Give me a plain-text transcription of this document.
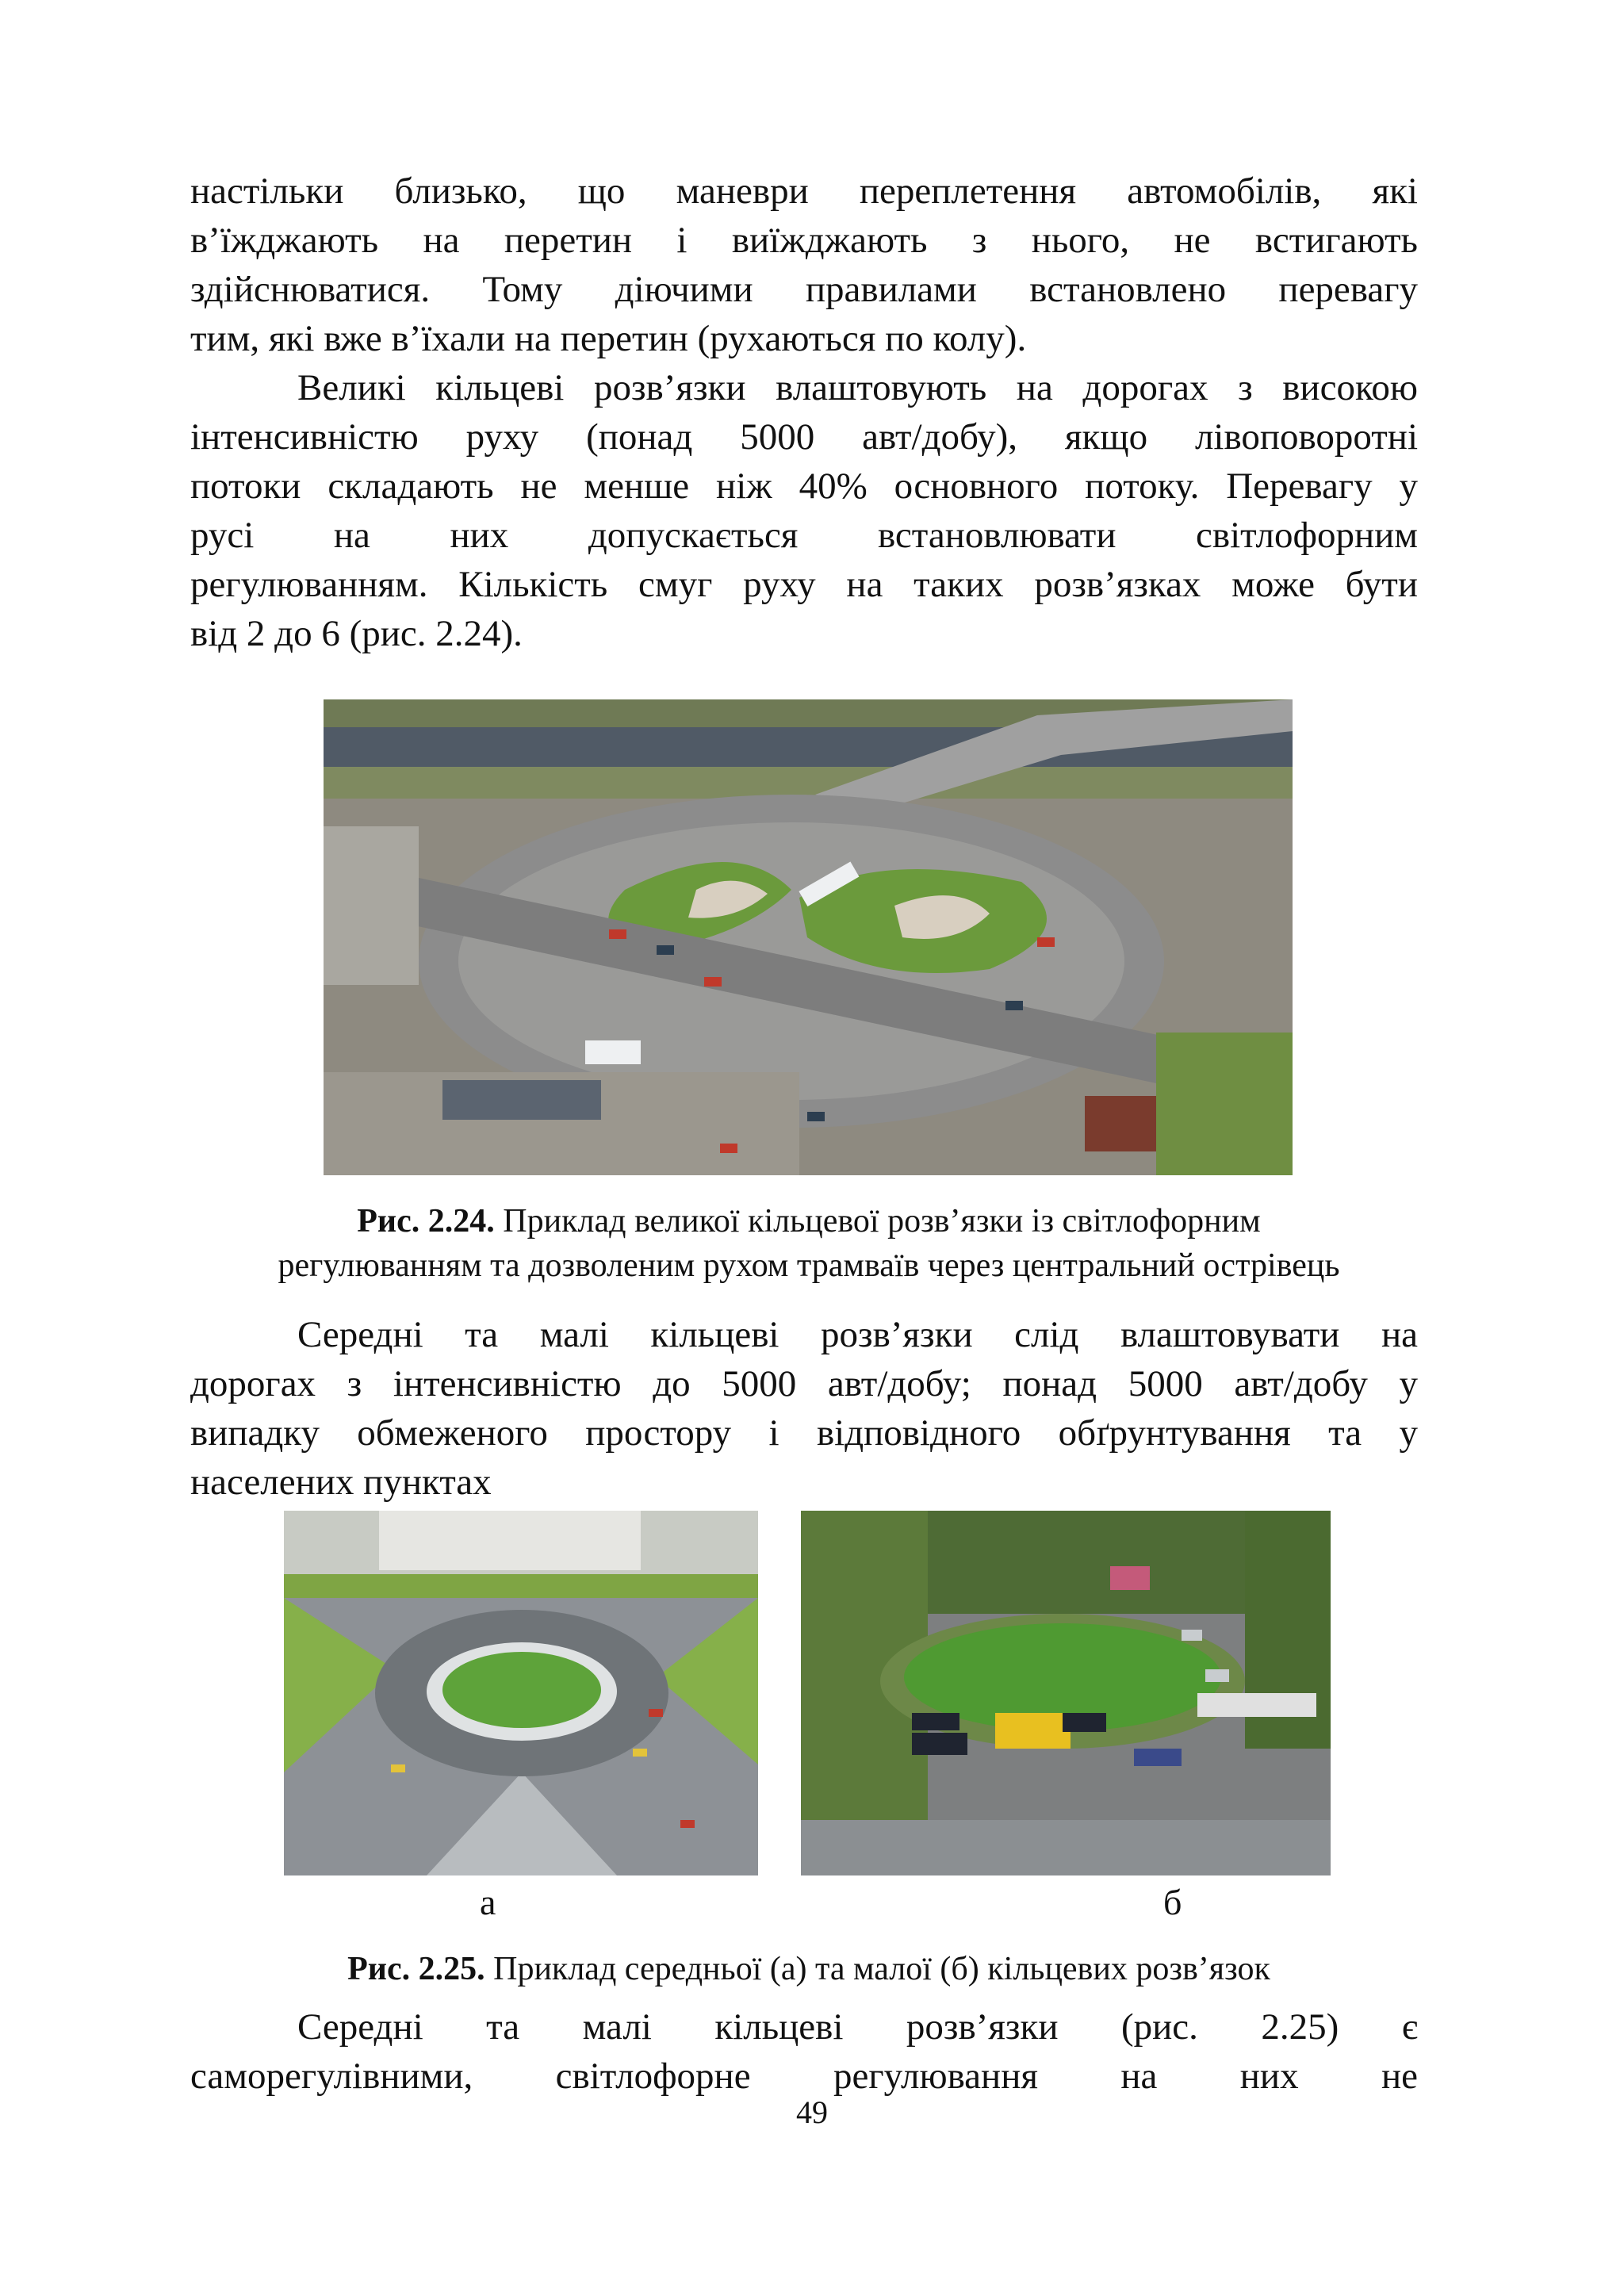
настільки близько, що маневри переплетення автомобілів, які
в’їжджають на перетин і виїжджають з нього, не встигають
здійснюватися. Тому діючими правилами встановлено перевагу
тим, які вже в’їхали на перетин (рухаються по колу).
Великі кільцеві розв’язки влаштовують на дорогах з високою
інтенсивністю руху (понад 5000 авт/добу), якщо лівоповоротні
потоки складають не менше ніж 40% основного потоку. Перевагу у
русі на них допускається встановлювати світлофорним
регулюванням. Кількість смуг руху на таких розв’язках може бути
від 2 до 6 (рис. 2.24).
Рис. 2.24. Приклад великої кільцевої розв’язки із світлофорним
регулюванням та дозволеним рухом трамваїв через центральний острівець
Середні та малі кільцеві розв’язки слід влаштовувати на
дорогах з інтенсивністю до 5000 авт/добу; понад 5000 авт/добу у
випадку обмеженого простору і відповідного обґрунтування та у
населених пунктах
а	б
Рис. 2.25. Приклад середньої (а) та малої (б) кільцевих розв’язок
Середні та малі кільцеві розв’язки (рис. 2.25) є
саморегулівними, світлофорне регулювання на них не
49
